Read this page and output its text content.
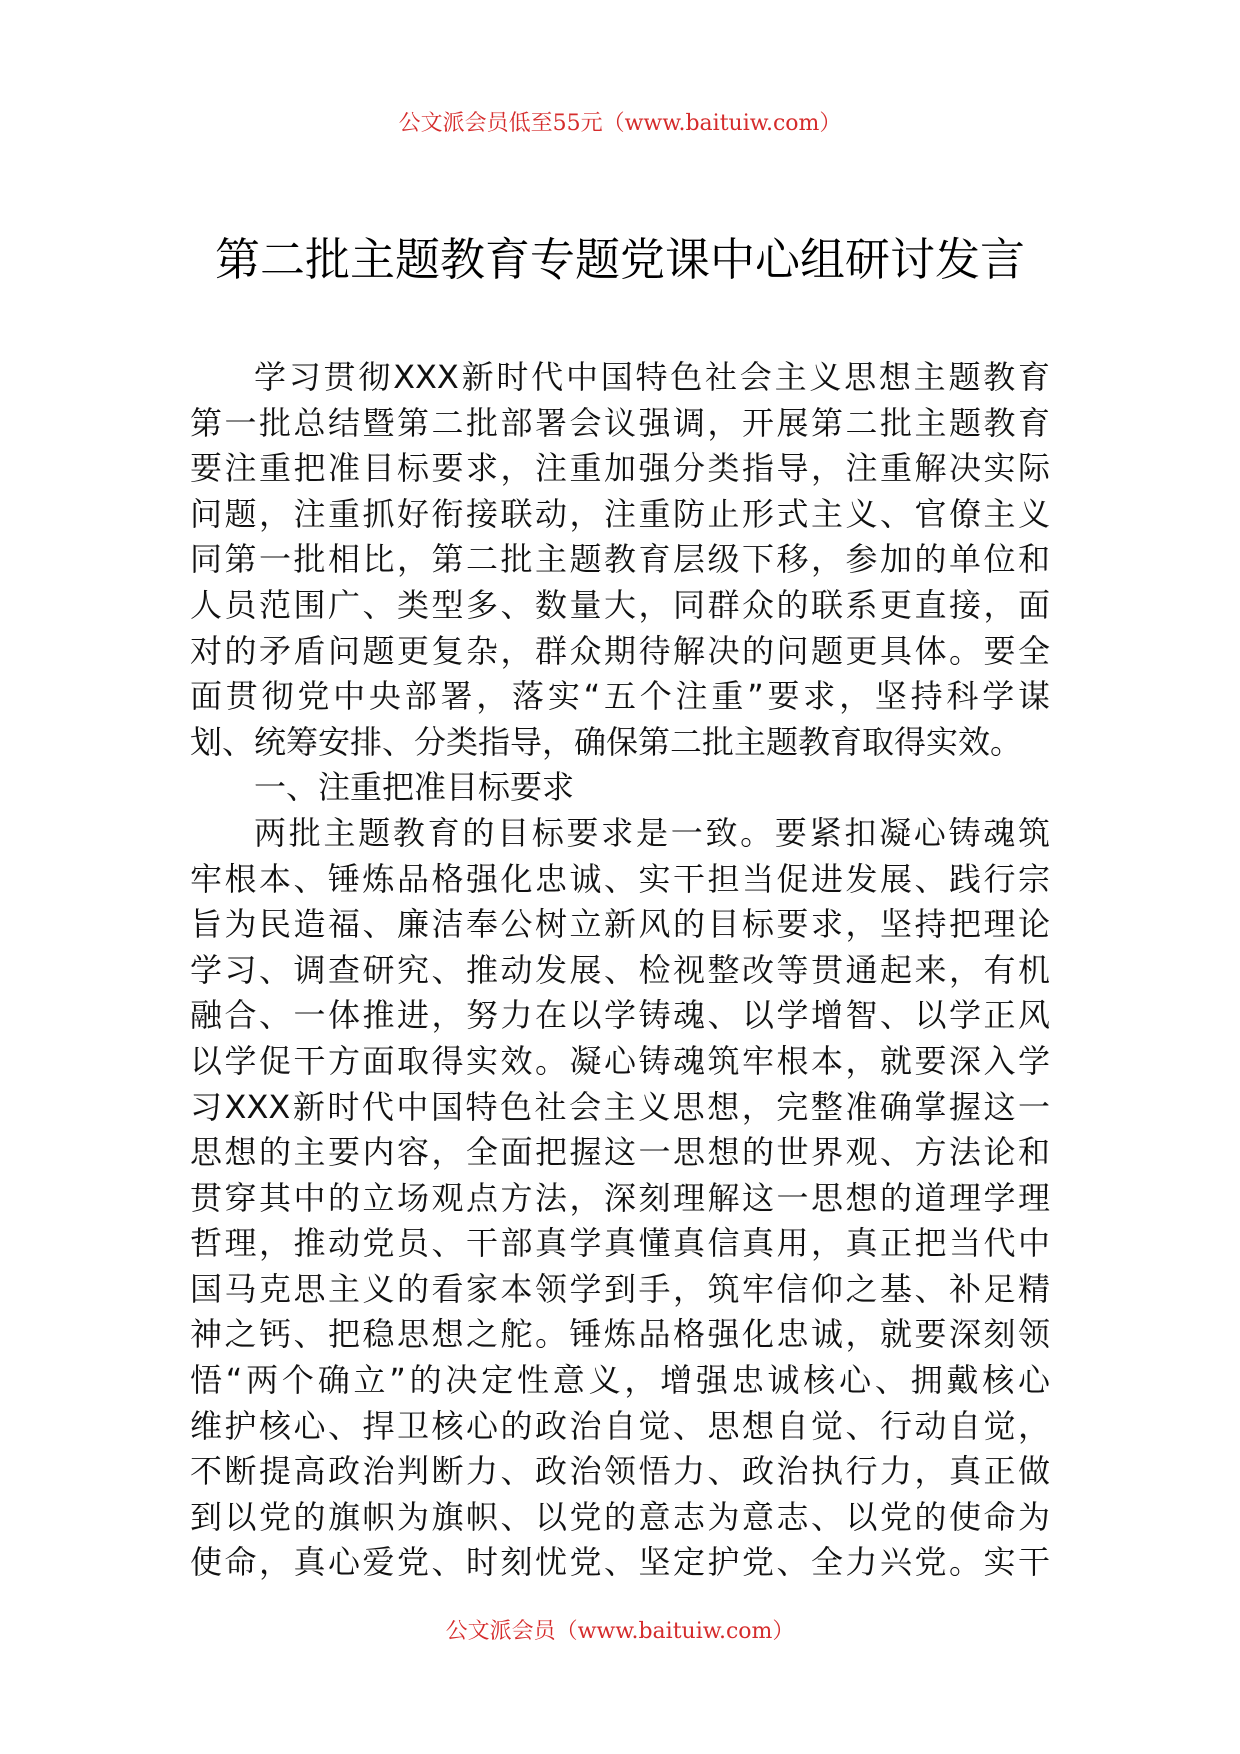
公文派会员低至55元（www.baituiw.com）
第二批主题教育专题党课中心组研讨发言
学习贯彻XXX新时代中国特色社会主义思想主题教育
第一批总结暨第二批部署会议强调，开展第二批主题教育
要注重把准目标要求，注重加强分类指导，注重解决实际
问题，注重抓好衔接联动，注重防止形式主义、官僚主义
同第一批相比，第二批主题教育层级下移，参加的单位和
人员范围广、类型多、数量大，同群众的联系更直接，面
对的矛盾问题更复杂，群众期待解决的问题更具体。要全
面贯彻党中央部署，落实“五个注重”要求，坚持科学谋
划、统筹安排、分类指导，确保第二批主题教育取得实效。
一、注重把准目标要求
两批主题教育的目标要求是一致。要紧扣凝心铸魂筑
牢根本、锤炼品格强化忠诚、实干担当促进发展、践行宗
旨为民造福、廉洁奉公树立新风的目标要求，坚持把理论
学习、调查研究、推动发展、检视整改等贯通起来，有机
融合、一体推进，努力在以学铸魂、以学增智、以学正风
以学促干方面取得实效。凝心铸魂筑牢根本，就要深入学
习XXX新时代中国特色社会主义思想，完整准确掌握这一
思想的主要内容，全面把握这一思想的世界观、方法论和
贯穿其中的立场观点方法，深刻理解这一思想的道理学理
哲理，推动党员、干部真学真懂真信真用，真正把当代中
国马克思主义的看家本领学到手，筑牢信仰之基、补足精
神之钙、把稳思想之舵。锤炼品格强化忠诚，就要深刻领
悟“两个确立”的决定性意义，增强忠诚核心、拥戴核心
维护核心、捍卫核心的政治自觉、思想自觉、行动自觉，
不断提高政治判断力、政治领悟力、政治执行力，真正做
到以党的旗帜为旗帜、以党的意志为意志、以党的使命为
使命，真心爱党、时刻忧党、坚定护党、全力兴党。实干
公文派会员（www.baituiw.com）
